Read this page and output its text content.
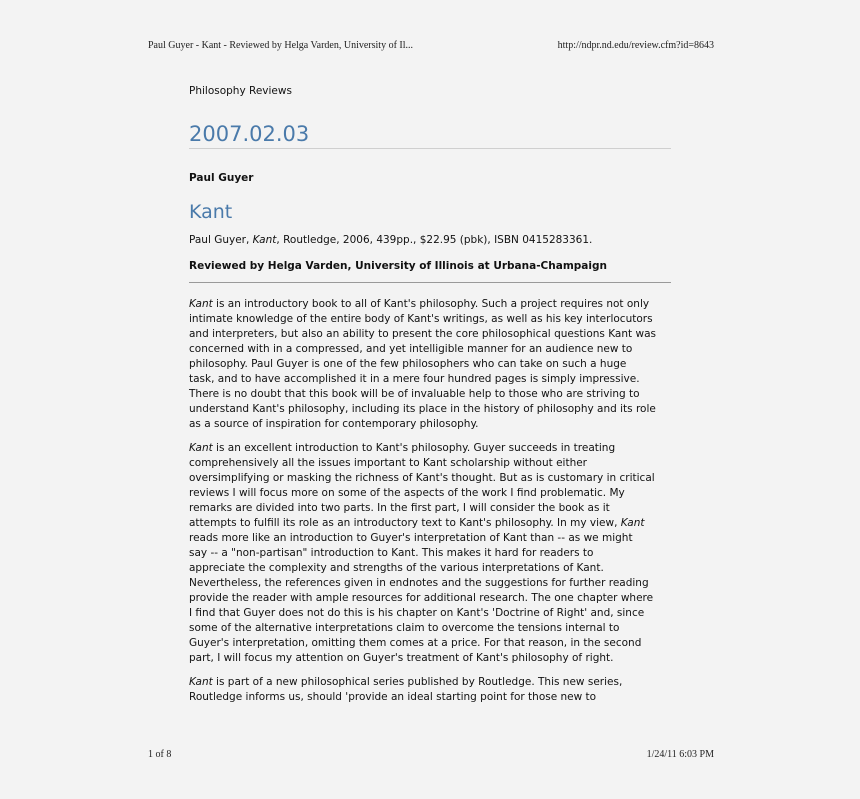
Paul Guyer - Kant - Reviewed by Helga Varden, University of Il...	http://ndpr.nd.edu/review.cfm?id=8643

Philosophy Reviews

2007.02.03

Paul Guyer

Kant

Paul Guyer, Kant, Routledge, 2006, 439pp., $22.95 (pbk), ISBN 0415283361.

Reviewed by Helga Varden, University of Illinois at Urbana-Champaign

Kant is an introductory book to all of Kant's philosophy. Such a project requires not only
intimate knowledge of the entire body of Kant's writings, as well as his key interlocutors
and interpreters, but also an ability to present the core philosophical questions Kant was
concerned with in a compressed, and yet intelligible manner for an audience new to
philosophy. Paul Guyer is one of the few philosophers who can take on such a huge
task, and to have accomplished it in a mere four hundred pages is simply impressive.
There is no doubt that this book will be of invaluable help to those who are striving to
understand Kant's philosophy, including its place in the history of philosophy and its role
as a source of inspiration for contemporary philosophy.

Kant is an excellent introduction to Kant's philosophy. Guyer succeeds in treating
comprehensively all the issues important to Kant scholarship without either
oversimplifying or masking the richness of Kant's thought. But as is customary in critical
reviews I will focus more on some of the aspects of the work I find problematic. My
remarks are divided into two parts. In the first part, I will consider the book as it
attempts to fulfill its role as an introductory text to Kant's philosophy. In my view, Kant
reads more like an introduction to Guyer's interpretation of Kant than -- as we might
say -- a "non-partisan" introduction to Kant. This makes it hard for readers to
appreciate the complexity and strengths of the various interpretations of Kant.
Nevertheless, the references given in endnotes and the suggestions for further reading
provide the reader with ample resources for additional research. The one chapter where
I find that Guyer does not do this is his chapter on Kant's 'Doctrine of Right' and, since
some of the alternative interpretations claim to overcome the tensions internal to
Guyer's interpretation, omitting them comes at a price. For that reason, in the second
part, I will focus my attention on Guyer's treatment of Kant's philosophy of right.

Kant is part of a new philosophical series published by Routledge. This new series,
Routledge informs us, should 'provide an ideal starting point for those new to

1 of 8	1/24/11 6:03 PM
